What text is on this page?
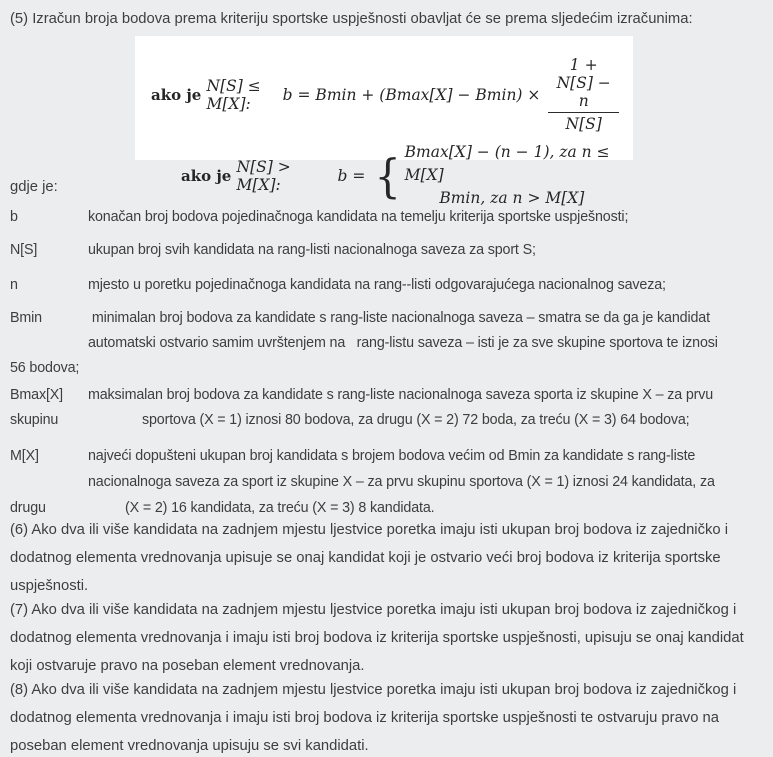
(5) Izračun broja bodova prema kriteriju sportske uspješnosti obavljat će se prema sljedećim izračunima:

ako je N[S] ≤ M[X]:	$b = Bmin + (Bmax[X] - Bmin) \times \frac{1 + N[S] - n}{N[S]}$
ako je N[S] > M[X]:	b = { Bmax[X] − (n − 1), za n ≤ M[X]
Bmin, za n > M[X]

gdje je:

b	konačan broj bodova pojedinačnoga kandidata na temelju kriterija sportske uspješnosti;
N[S]	ukupan broj svih kandidata na rang-listi nacionalnoga saveza za sport S;
n	mjesto u poretku pojedinačnoga kandidata na rang--listi odgovarajućega nacionalnog saveza;
Bmin	minimalan broj bodova za kandidate s rang-liste nacionalnoga saveza – smatra se da ga je kandidat
automatski ostvario samim uvrštenjem na   rang-listu saveza – isti je za sve skupine sportova te iznosi
56 bodova;
Bmax[X] maksimalan broj bodova za kandidate s rang-liste nacionalnoga saveza sporta iz skupine X – za prvu
skupinu	sportova (X = 1) iznosi 80 bodova, za drugu (X = 2) 72 boda, za treću (X = 3) 64 bodova;
M[X]	najveći dopušteni ukupan broj kandidata s brojem bodova većim od Bmin za kandidate s rang-liste
nacionalnoga saveza za sport iz skupine X – za prvu skupinu sportova (X = 1) iznosi 24 kandidata, za
drugu	(X = 2) 16 kandidata, za treću (X = 3) 8 kandidata.

(6) Ako dva ili više kandidata na zadnjem mjestu ljestvice poretka imaju isti ukupan broj bodova iz zajedničko i dodatnog elementa vrednovanja upisuje se onaj kandidat koji je ostvario veći broj bodova iz kriterija sportske uspješnosti.

(7) Ako dva ili više kandidata na zadnjem mjestu ljestvice poretka imaju isti ukupan broj bodova iz zajedničkog i dodatnog elementa vrednovanja i imaju isti broj bodova iz kriterija sportske uspješnosti, upisuju se onaj kandidat koji ostvaruje pravo na poseban element vrednovanja.

(8) Ako dva ili više kandidata na zadnjem mjestu ljestvice poretka imaju isti ukupan broj bodova iz zajedničkog i dodatnog elementa vrednovanja i imaju isti broj bodova iz kriterija sportske uspješnosti te ostvaruju pravo na poseban element vrednovanja upisuju se svi kandidati.
